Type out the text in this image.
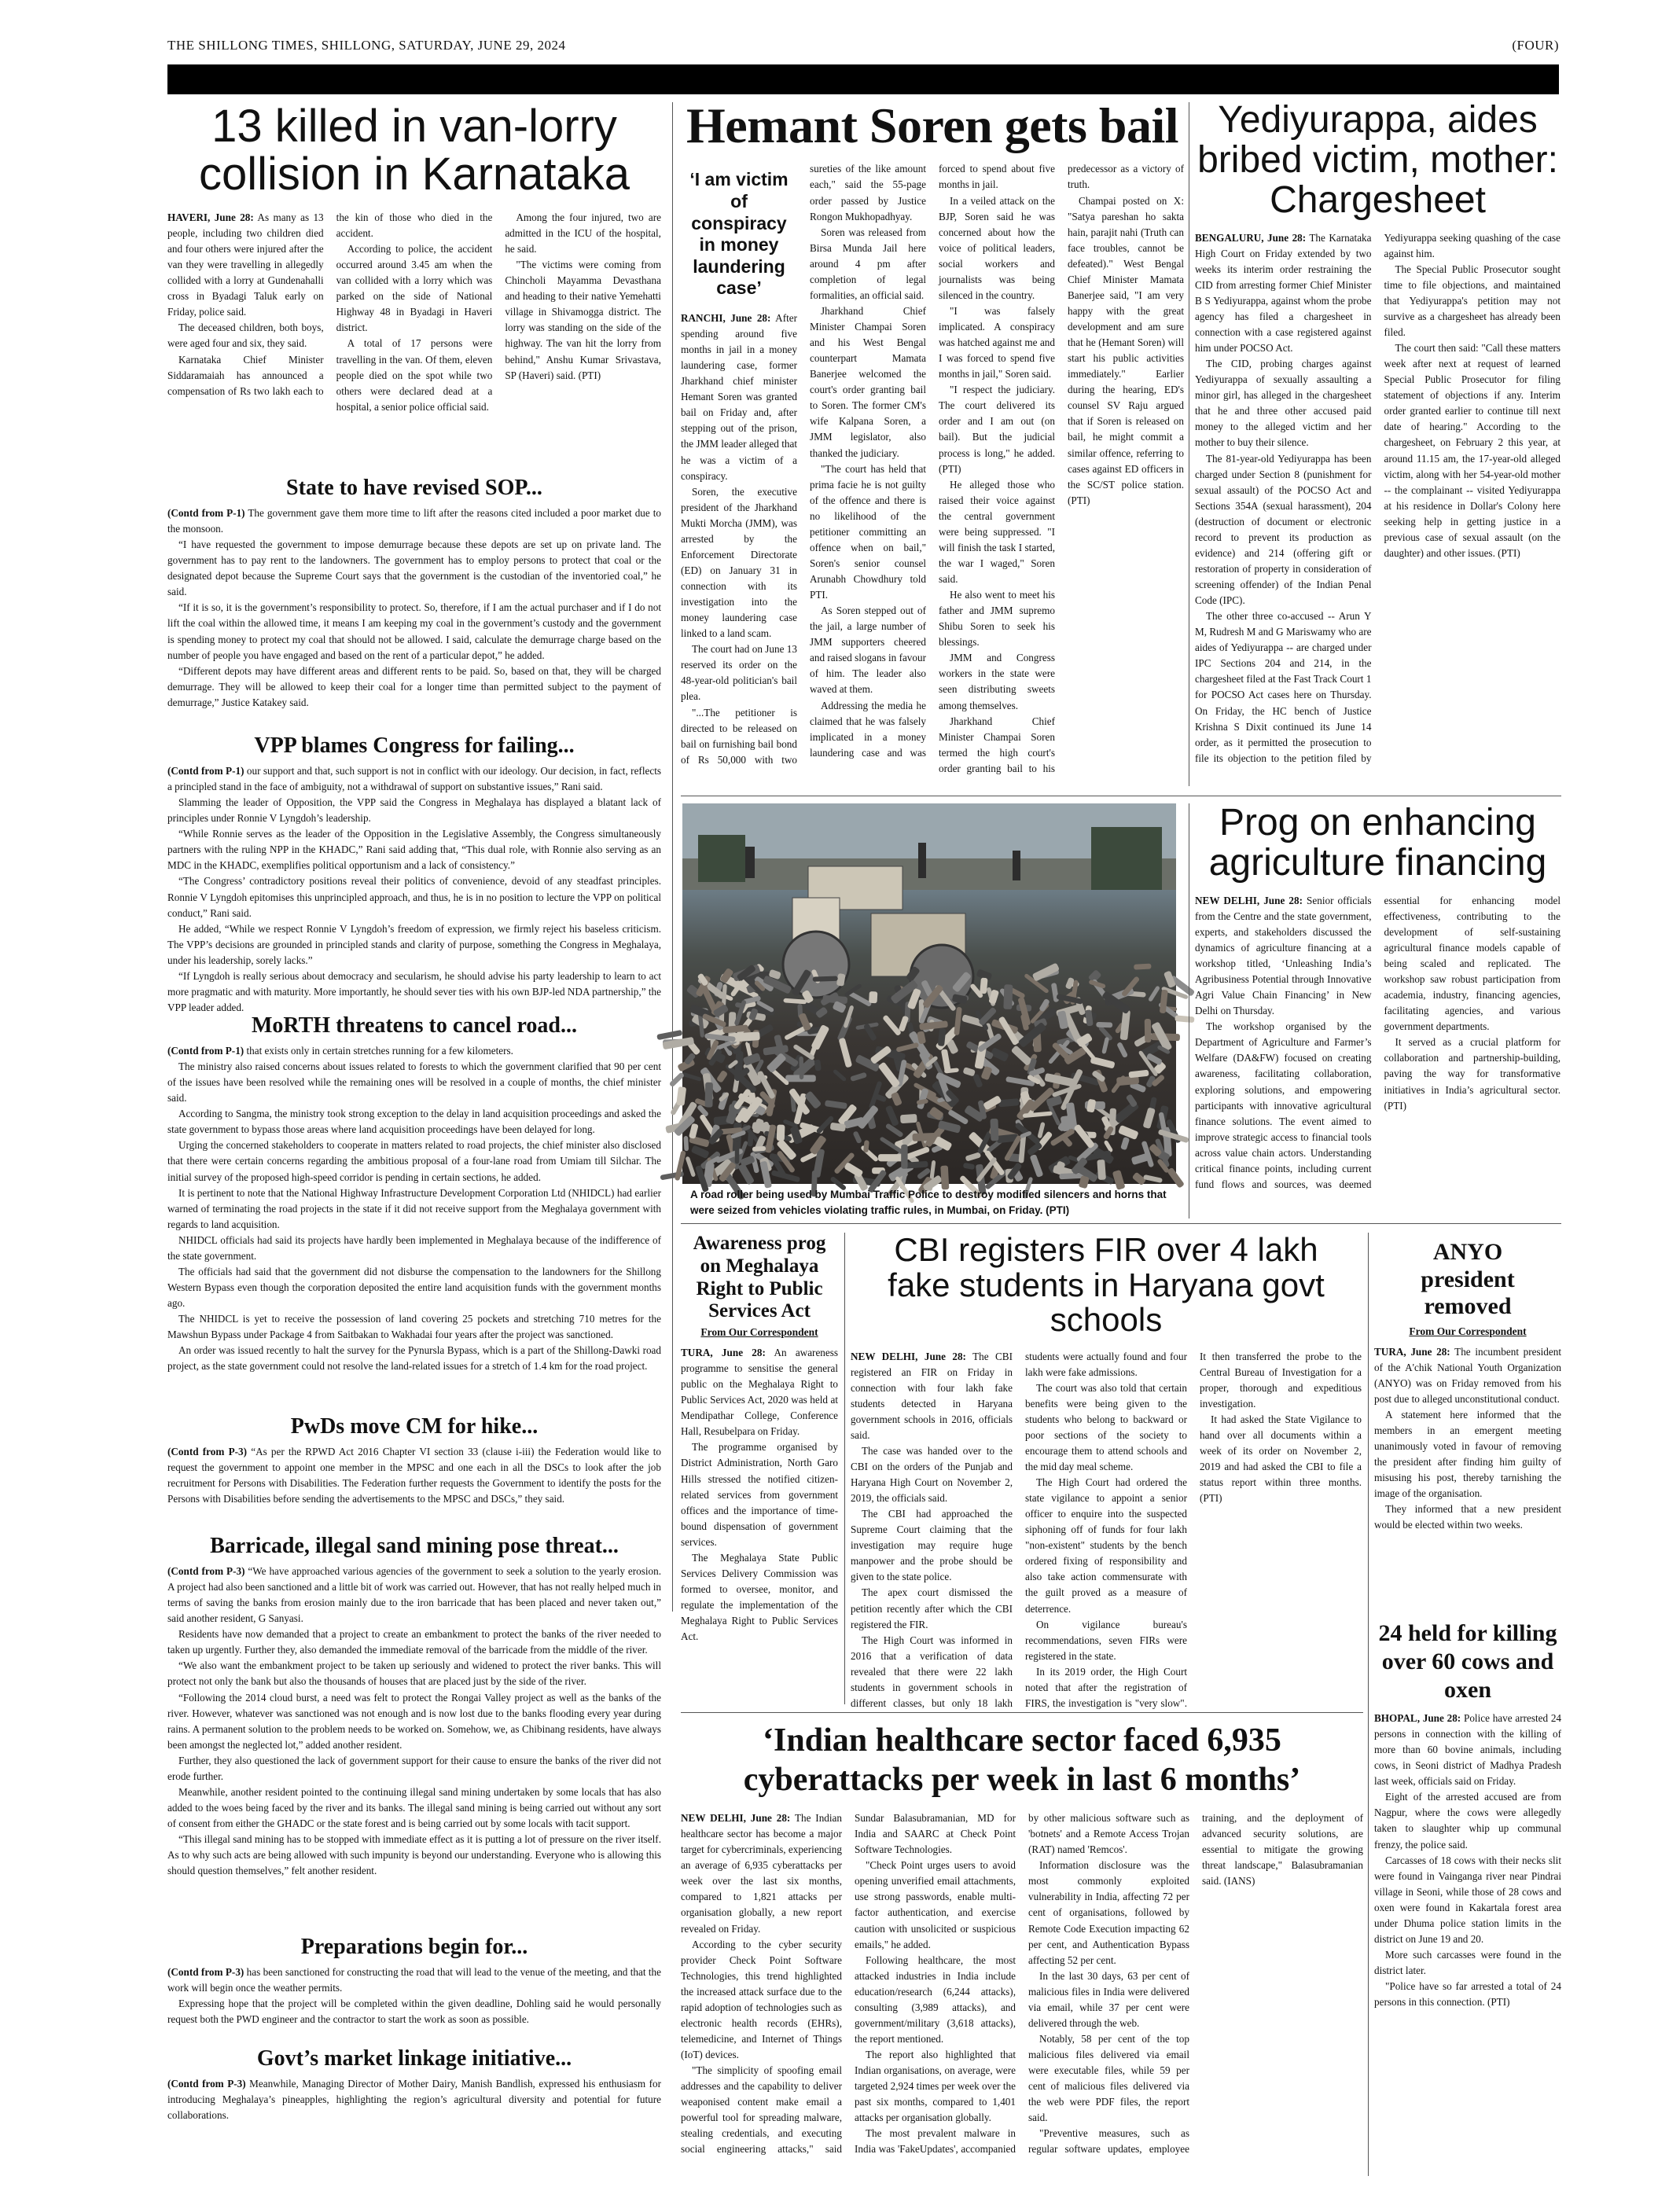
THE SHILLONG TIMES, SHILLONG, SATURDAY, JUNE 29, 2024	(FOUR)
13 killed in van-lorry collision in Karnataka

HAVERI, June 28: As many as 13 people, including two children died and four others were injured after the van they were travelling in allegedly collided with a lorry at Gundenahalli cross in Byadagi Taluk early on Friday, police said.

The deceased children, both boys, were aged four and six, they said.

Karnataka Chief Minister Siddaramaiah has announced a compensation of Rs two lakh each to the kin of those who died in the accident.

According to police, the accident occurred around 3.45 am when the van collided with a lorry which was parked on the side of National Highway 48 in Byadagi in Haveri district.

A total of 17 persons were travelling in the van. Of them, eleven people died on the spot while two others were declared dead at a hospital, a senior police official said.

Among the four injured, two are admitted in the ICU of the hospital, he said.

"The victims were coming from Chincholi Mayamma Devasthana and heading to their native Yemehatti village in Shivamogga district. The lorry was standing on the side of the highway. The van hit the lorry from behind," Anshu Kumar Srivastava, SP (Haveri) said. (PTI)

State to have revised SOP...

(Contd from P-1) The government gave them more time to lift after the reasons cited included a poor market due to the monsoon.

“I have requested the government to impose demurrage because these depots are set up on private land. The government has to pay rent to the landowners. The government has to employ persons to protect that coal or the designated depot because the Supreme Court says that the government is the custodian of the inventoried coal,” he said.

“If it is so, it is the government’s responsibility to protect. So, therefore, if I am the actual purchaser and if I do not lift the coal within the allowed time, it means I am keeping my coal in the government’s custody and the government is spending money to protect my coal that should not be allowed. I said, calculate the demurrage charge based on the number of people you have engaged and based on the rent of a particular depot,” he added.

“Different depots may have different areas and different rents to be paid. So, based on that, they will be charged demurrage. They will be allowed to keep their coal for a longer time than permitted subject to the payment of demurrage,” Justice Katakey said.

VPP blames Congress for failing...

(Contd from P-1) our support and that, such support is not in conflict with our ideology. Our decision, in fact, reflects a principled stand in the face of ambiguity, not a withdrawal of support on substantive issues,” Rani said.

Slamming the leader of Opposition, the VPP said the Congress in Meghalaya has displayed a blatant lack of principles under Ronnie V Lyngdoh’s leadership.

“While Ronnie serves as the leader of the Opposition in the Legislative Assembly, the Congress simultaneously partners with the ruling NPP in the KHADC,” Rani said adding that, “This dual role, with Ronnie also serving as an MDC in the KHADC, exemplifies political opportunism and a lack of consistency.”

“The Congress’ contradictory positions reveal their politics of convenience, devoid of any steadfast principles. Ronnie V Lyngdoh epitomises this unprincipled approach, and thus, he is in no position to lecture the VPP on political conduct,” Rani said.

He added, “While we respect Ronnie V Lyngdoh’s freedom of expression, we firmly reject his baseless criticism. The VPP’s decisions are grounded in principled stands and clarity of purpose, something the Congress in Meghalaya, under his leadership, sorely lacks.”

“If Lyngdoh is really serious about democracy and secularism, he should advise his party leadership to learn to act more pragmatic and with maturity. More importantly, he should sever ties with his own BJP-led NDA partnership,” the VPP leader added.

MoRTH threatens to cancel road...

(Contd from P-1) that exists only in certain stretches running for a few kilometers.

The ministry also raised concerns about issues related to forests to which the government clarified that 90 per cent of the issues have been resolved while the remaining ones will be resolved in a couple of months, the chief minister said.

According to Sangma, the ministry took strong exception to the delay in land acquisition proceedings and asked the state government to bypass those areas where land acquisition proceedings have been delayed for long.

Urging the concerned stakeholders to cooperate in matters related to road projects, the chief minister also disclosed that there were certain concerns regarding the ambitious proposal of a four-lane road from Umiam till Silchar. The initial survey of the proposed high-speed corridor is pending in certain sections, he added.

It is pertinent to note that the National Highway Infrastructure Development Corporation Ltd (NHIDCL) had earlier warned of terminating the road projects in the state if it did not receive support from the Meghalaya government with regards to land acquisition.

NHIDCL officials had said its projects have hardly been implemented in Meghalaya because of the indifference of the state government.

The officials had said that the government did not disburse the compensation to the landowners for the Shillong Western Bypass even though the corporation deposited the entire land acquisition funds with the government months ago.

The NHIDCL is yet to receive the possession of land covering 25 pockets and stretching 710 metres for the Mawshun Bypass under Package 4 from Saitbakan to Wakhadai four years after the project was sanctioned.

An order was issued recently to halt the survey for the Pynursla Bypass, which is a part of the Shillong-Dawki road project, as the state government could not resolve the land-related issues for a stretch of 1.4 km for the road project.

PwDs move CM for hike...

(Contd from P-3) “As per the RPWD Act 2016 Chapter VI section 33 (clause i-iii) the Federation would like to request the government to appoint one member in the MPSC and one each in all the DSCs to look after the job recruitment for Persons with Disabilities. The Federation further requests the Government to identify the posts for the Persons with Disabilities before sending the advertisements to the MPSC and DSCs,” they said.

Barricade, illegal sand mining pose threat...

(Contd from P-3) “We have approached various agencies of the government to seek a solution to the yearly erosion. A project had also been sanctioned and a little bit of work was carried out. However, that has not really helped much in terms of saving the banks from erosion mainly due to the iron barricade that has been placed and never taken out,” said another resident, G Sanyasi.

Residents have now demanded that a project to create an embankment to protect the banks of the river needed to taken up urgently. Further they, also demanded the immediate removal of the barricade from the middle of the river.

“We also want the embankment project to be taken up seriously and widened to protect the river banks. This will protect not only the bank but also the thousands of houses that are placed just by the side of the river.

“Following the 2014 cloud burst, a need was felt to protect the Rongai Valley project as well as the banks of the river. However, whatever was sanctioned was not enough and is now lost due to the banks flooding every year during rains. A permanent solution to the problem needs to be worked on. Somehow, we, as Chibinang residents, have always been amongst the neglected lot,” added another resident.

Further, they also questioned the lack of government support for their cause to ensure the banks of the river did not erode further.

Meanwhile, another resident pointed to the continuing illegal sand mining undertaken by some locals that has also added to the woes being faced by the river and its banks. The illegal sand mining is being carried out without any sort of consent from either the GHADC or the state forest and is being carried out by some locals with tacit support.

“This illegal sand mining has to be stopped with immediate effect as it is putting a lot of pressure on the river itself. As to why such acts are being allowed with such impunity is beyond our understanding. Everyone who is allowing this should question themselves,” felt another resident.

Preparations begin for...

(Contd from P-3) has been sanctioned for constructing the road that will lead to the venue of the meeting, and that the work will begin once the weather permits.

Expressing hope that the project will be completed within the given deadline, Dohling said he would personally request both the PWD engineer and the contractor to start the work as soon as possible.

Govt’s market linkage initiative...

(Contd from P-3) Meanwhile, Managing Director of Mother Dairy, Manish Bandlish, expressed his enthusiasm for introducing Meghalaya’s pineapples, highlighting the region’s agricultural diversity and potential for future collaborations.

Hemant Soren gets bail
‘I am victim of conspiracy in money laundering case’

RANCHI, June 28: After spending around five months in jail in a money laundering case, former Jharkhand chief minister Hemant Soren was granted bail on Friday and, after stepping out of the prison, the JMM leader alleged that he was a victim of a conspiracy.

Soren, the executive president of the Jharkhand Mukti Morcha (JMM), was arrested by the Enforcement Directorate (ED) on January 31 in connection with its investigation into the money laundering case linked to a land scam.

The court had on June 13 reserved its order on the 48-year-old politician's bail plea.

"...The petitioner is directed to be released on bail on furnishing bail bond of Rs 50,000 with two sureties of the like amount each," said the 55-page order passed by Justice Rongon Mukhopadhyay.

Soren was released from Birsa Munda Jail here around 4 pm after completion of legal formalities, an official said.

Jharkhand Chief Minister Champai Soren and his West Bengal counterpart Mamata Banerjee welcomed the court's order granting bail to Soren. The former CM's wife Kalpana Soren, a JMM legislator, also thanked the judiciary.

"The court has held that prima facie he is not guilty of the offence and there is no likelihood of the petitioner committing an offence when on bail," Soren's senior counsel Arunabh Chowdhury told PTI.

As Soren stepped out of the jail, a large number of JMM supporters cheered and raised slogans in favour of him. The leader also waved at them.

Addressing the media he claimed that he was falsely implicated in a money laundering case and was forced to spend about five months in jail.

In a veiled attack on the BJP, Soren said he was concerned about how the voice of political leaders, social workers and journalists was being silenced in the country.

"I was falsely implicated. A conspiracy was hatched against me and I was forced to spend five months in jail," Soren said.

"I respect the judiciary. The court delivered its order and I am out (on bail). But the judicial process is long," he added. (PTI)

He alleged those who raised their voice against the central government were being suppressed. "I will finish the task I started, the war I waged," Soren said.

He also went to meet his father and JMM supremo Shibu Soren to seek his blessings.

JMM and Congress workers in the state were seen distributing sweets among themselves.

Jharkhand Chief Minister Champai Soren termed the high court's order granting bail to his predecessor as a victory of truth.

Champai posted on X: "Satya pareshan ho sakta hain, parajit nahi (Truth can face troubles, cannot be defeated)." West Bengal Chief Minister Mamata Banerjee said, "I am very happy with the great development and am sure that he (Hemant Soren) will start his public activities immediately." Earlier during the hearing, ED's counsel SV Raju argued that if Soren is released on bail, he might commit a similar offence, referring to cases against ED officers in the SC/ST police station. (PTI)

Yediyurappa, aides bribed victim, mother: Chargesheet

BENGALURU, June 28: The Karnataka High Court on Friday extended by two weeks its interim order restraining the CID from arresting former Chief Minister B S Yediyurappa, against whom the probe agency has filed a chargesheet in connection with a case registered against him under POCSO Act.

The CID, probing charges against Yediyurappa of sexually assaulting a minor girl, has alleged in the chargesheet that he and three other accused paid money to the alleged victim and her mother to buy their silence.

The 81-year-old Yediyurappa has been charged under Section 8 (punishment for sexual assault) of the POCSO Act and Sections 354A (sexual harassment), 204 (destruction of document or electronic record to prevent its production as evidence) and 214 (offering gift or restoration of property in consideration of screening offender) of the Indian Penal Code (IPC).

The other three co-accused -- Arun Y M, Rudresh M and G Mariswamy who are aides of Yediyurappa -- are charged under IPC Sections 204 and 214, in the chargesheet filed at the Fast Track Court 1 for POCSO Act cases here on Thursday. On Friday, the HC bench of Justice Krishna S Dixit continued its June 14 order, as it permitted the prosecution to file its objection to the petition filed by Yediyurappa seeking quashing of the case against him.

The Special Public Prosecutor sought time to file objections, and maintained that Yediyurappa's petition may not survive as a chargesheet has already been filed.

The court then said: "Call these matters week after next at request of learned Special Public Prosecutor for filing statement of objections if any. Interim order granted earlier to continue till next date of hearing." According to the chargesheet, on February 2 this year, at around 11.15 am, the 17-year-old alleged victim, along with her 54-year-old mother -- the complainant -- visited Yediyurappa at his residence in Dollar's Colony here seeking help in getting justice in a previous case of sexual assault (on the daughter) and other issues. (PTI)

A road roller being used by Mumbai Traffic Police to destroy modified silencers and horns that were seized from vehicles violating traffic rules, in Mumbai, on Friday. (PTI)
Prog on enhancing agriculture financing

NEW DELHI, June 28: Senior officials from the Centre and the state government, experts, and stakeholders discussed the dynamics of agriculture financing at a workshop titled, ‘Unleashing India’s Agribusiness Potential through Innovative Agri Value Chain Financing’ in New Delhi on Thursday.

The workshop organised by the Department of Agriculture and Farmer’s Welfare (DA&FW) focused on creating awareness, facilitating collaboration, exploring solutions, and empowering participants with innovative agricultural finance solutions. The event aimed to improve strategic access to financial tools across value chain actors. Understanding critical finance points, including current fund flows and sources, was deemed essential for enhancing model effectiveness, contributing to the development of self-sustaining agricultural finance models capable of being scaled and replicated. The workshop saw robust participation from academia, industry, financing agencies, facilitating agencies, and various government departments.

It served as a crucial platform for collaboration and partnership-building, paving the way for transformative initiatives in India’s agricultural sector. (PTI)

Awareness prog on Meghalaya Right to Public Services Act
From Our Correspondent

TURA, June 28: An awareness programme to sensitise the general public on the Meghalaya Right to Public Services Act, 2020 was held at Mendipathar College, Conference Hall, Resubelpara on Friday.

The programme organised by District Administration, North Garo Hills stressed the notified citizen-related services from government offices and the importance of time-bound dispensation of government services.

The Meghalaya State Public Services Delivery Commission was formed to oversee, monitor, and regulate the implementation of the Meghalaya Right to Public Services Act.

CBI registers FIR over 4 lakh fake students in Haryana govt schools

NEW DELHI, June 28: The CBI registered an FIR on Friday in connection with four lakh fake students detected in Haryana government schools in 2016, officials said.

The case was handed over to the CBI on the orders of the Punjab and Haryana High Court on November 2, 2019, the officials said.

The CBI had approached the Supreme Court claiming that the investigation may require huge manpower and the probe should be given to the state police.

The apex court dismissed the petition recently after which the CBI registered the FIR.

The High Court was informed in 2016 that a verification of data revealed that there were 22 lakh students in government schools in different classes, but only 18 lakh students were actually found and four lakh were fake admissions.

The court was also told that certain benefits were being given to the students who belong to backward or poor sections of the society to encourage them to attend schools and the mid day meal scheme.

The High Court had ordered the state vigilance to appoint a senior officer to enquire into the suspected siphoning off of funds for four lakh "non-existent" students by the bench ordered fixing of responsibility and also take action commensurate with the guilt proved as a measure of deterrence.

On vigilance bureau's recommendations, seven FIRs were registered in the state.

In its 2019 order, the High Court noted that after the registration of FIRS, the investigation is "very slow". It then transferred the probe to the Central Bureau of Investigation for a proper, thorough and expeditious investigation.

It had asked the State Vigilance to hand over all documents within a week of its order on November 2, 2019 and had asked the CBI to file a status report within three months. (PTI)

ANYO president removed
From Our Correspondent

TURA, June 28: The incumbent president of the A'chik National Youth Organization (ANYO) was on Friday removed from his post due to alleged unconstitutional conduct.

A statement here informed that the members in an emergent meeting unanimously voted in favour of removing the president after finding him guilty of misusing his post, thereby tarnishing the image of the organisation.

They informed that a new president would be elected within two weeks.

24 held for killing over 60 cows and oxen

BHOPAL, June 28: Police have arrested 24 persons in connection with the killing of more than 60 bovine animals, including cows, in Seoni district of Madhya Pradesh last week, officials said on Friday.

Eight of the arrested accused are from Nagpur, where the cows were allegedly taken to slaughter whip up communal frenzy, the police said.

Carcasses of 18 cows with their necks slit were found in Vainganga river near Pindrai village in Seoni, while those of 28 cows and oxen were found in Kakartala forest area under Dhuma police station limits in the district on June 19 and 20.

More such carcasses were found in the district later.

"Police have so far arrested a total of 24 persons in this connection. (PTI)

‘Indian healthcare sector faced 6,935 cyberattacks per week in last 6 months’

NEW DELHI, June 28: The Indian healthcare sector has become a major target for cybercriminals, experiencing an average of 6,935 cyberattacks per week over the last six months, compared to 1,821 attacks per organisation globally, a new report revealed on Friday.

According to the cyber security provider Check Point Software Technologies, this trend highlighted the increased attack surface due to the rapid adoption of technologies such as electronic health records (EHRs), telemedicine, and Internet of Things (IoT) devices.

"The simplicity of spoofing email addresses and the capability to deliver weaponised content make email a powerful tool for spreading malware, stealing credentials, and executing social engineering attacks," said Sundar Balasubramanian, MD for India and SAARC at Check Point Software Technologies.

"Check Point urges users to avoid opening unverified email attachments, use strong passwords, enable multi-factor authentication, and exercise caution with unsolicited or suspicious emails," he added.

Following healthcare, the most attacked industries in India include education/research (6,244 attacks), consulting (3,989 attacks), and government/military (3,618 attacks), the report mentioned.

The report also highlighted that Indian organisations, on average, were targeted 2,924 times per week over the past six months, compared to 1,401 attacks per organisation globally.

The most prevalent malware in India was 'FakeUpdates', accompanied by other malicious software such as 'botnets' and a Remote Access Trojan (RAT) named 'Remcos'.

Information disclosure was the most commonly exploited vulnerability in India, affecting 72 per cent of organisations, followed by Remote Code Execution impacting 62 per cent, and Authentication Bypass affecting 52 per cent.

In the last 30 days, 63 per cent of malicious files in India were delivered via email, while 37 per cent were delivered through the web.

Notably, 58 per cent of the top malicious files delivered via email were executable files, while 59 per cent of malicious files delivered via the web were PDF files, the report said.

"Preventive measures, such as regular software updates, employee training, and the deployment of advanced security solutions, are essential to mitigate the growing threat landscape," Balasubramanian said. (IANS)
